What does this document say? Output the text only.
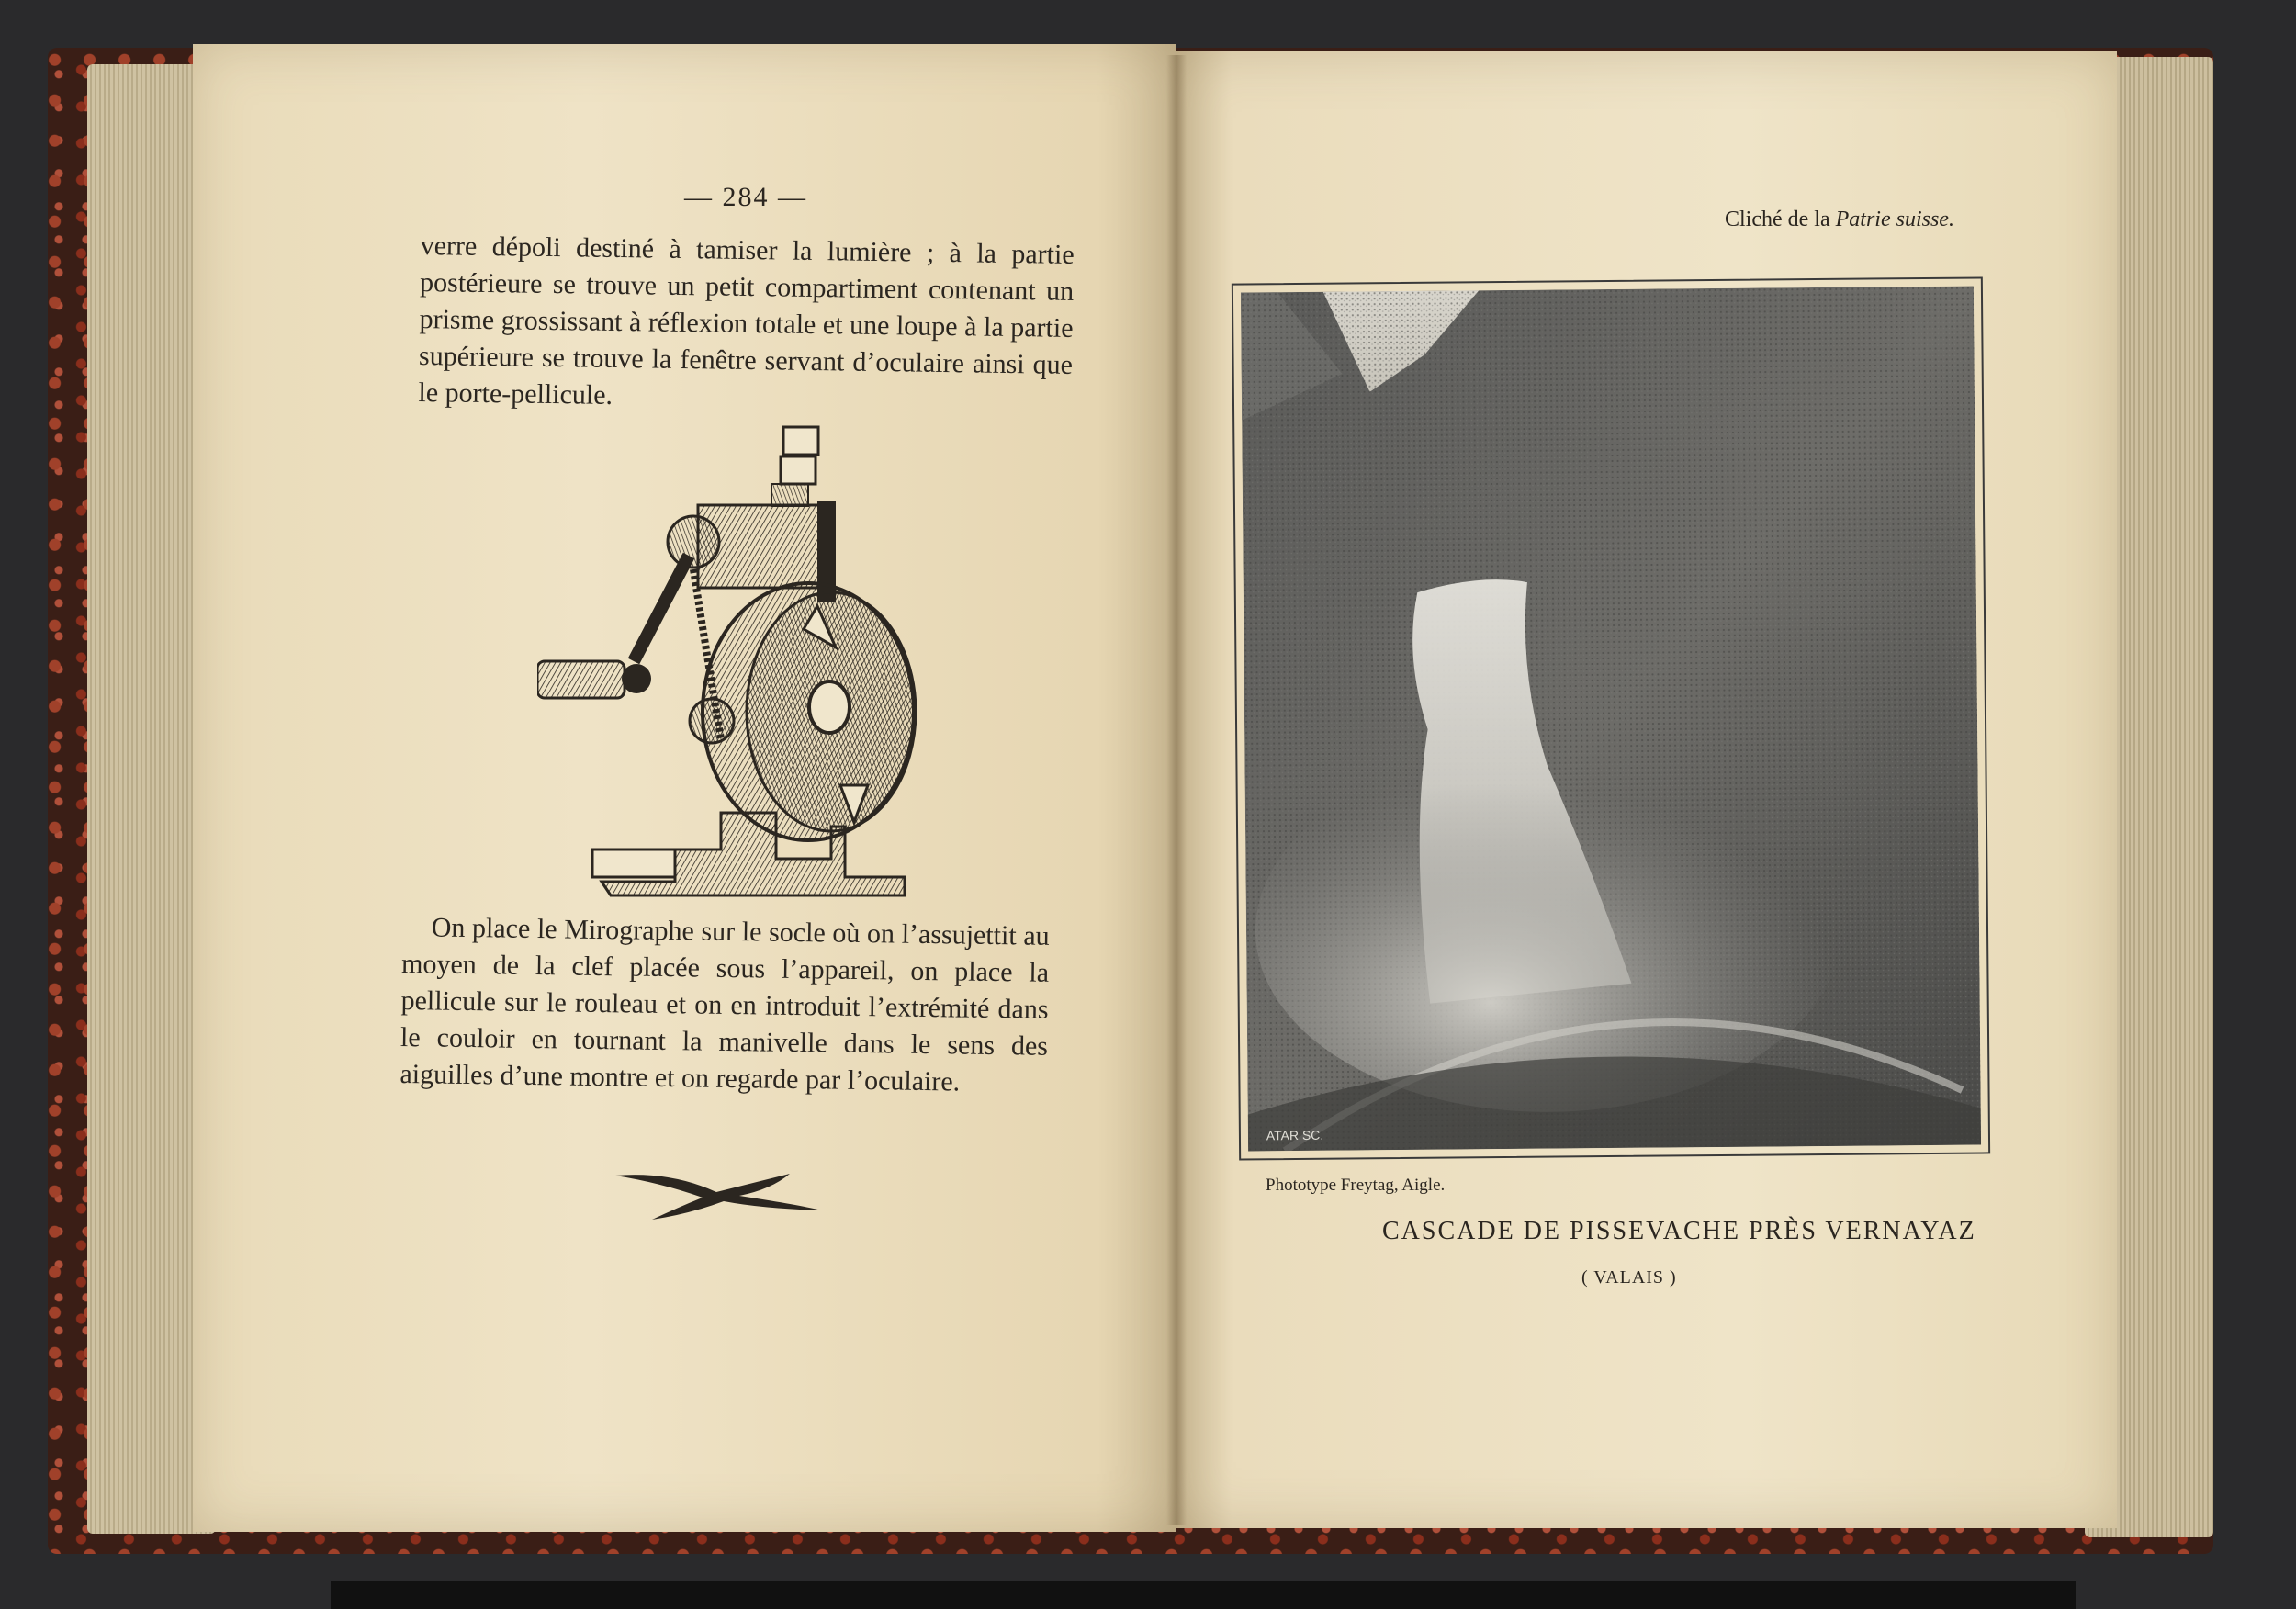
— 284 —
verre dépoli destiné à tamiser la lumière ; à la partie postérieure se trouve un petit compartiment contenant un prisme grossissant à réflexion totale et une loupe à la partie supérieure se trouve la fenêtre servant d’oculaire ainsi que le porte-pellicule.
On place le Mirographe sur le socle où on l’assujettit au moyen de la clef placée sous l’appareil, on place la pellicule sur le rouleau et on en introduit l’extrémité dans le couloir en tournant la manivelle dans le sens des aiguilles d’une montre et on regarde par l’oculaire.
Cliché de la Patrie suisse.
ATAR SC.
Phototype Freytag, Aigle.
CASCADE DE PISSEVACHE PRÈS VERNAYAZ
( VALAIS )
